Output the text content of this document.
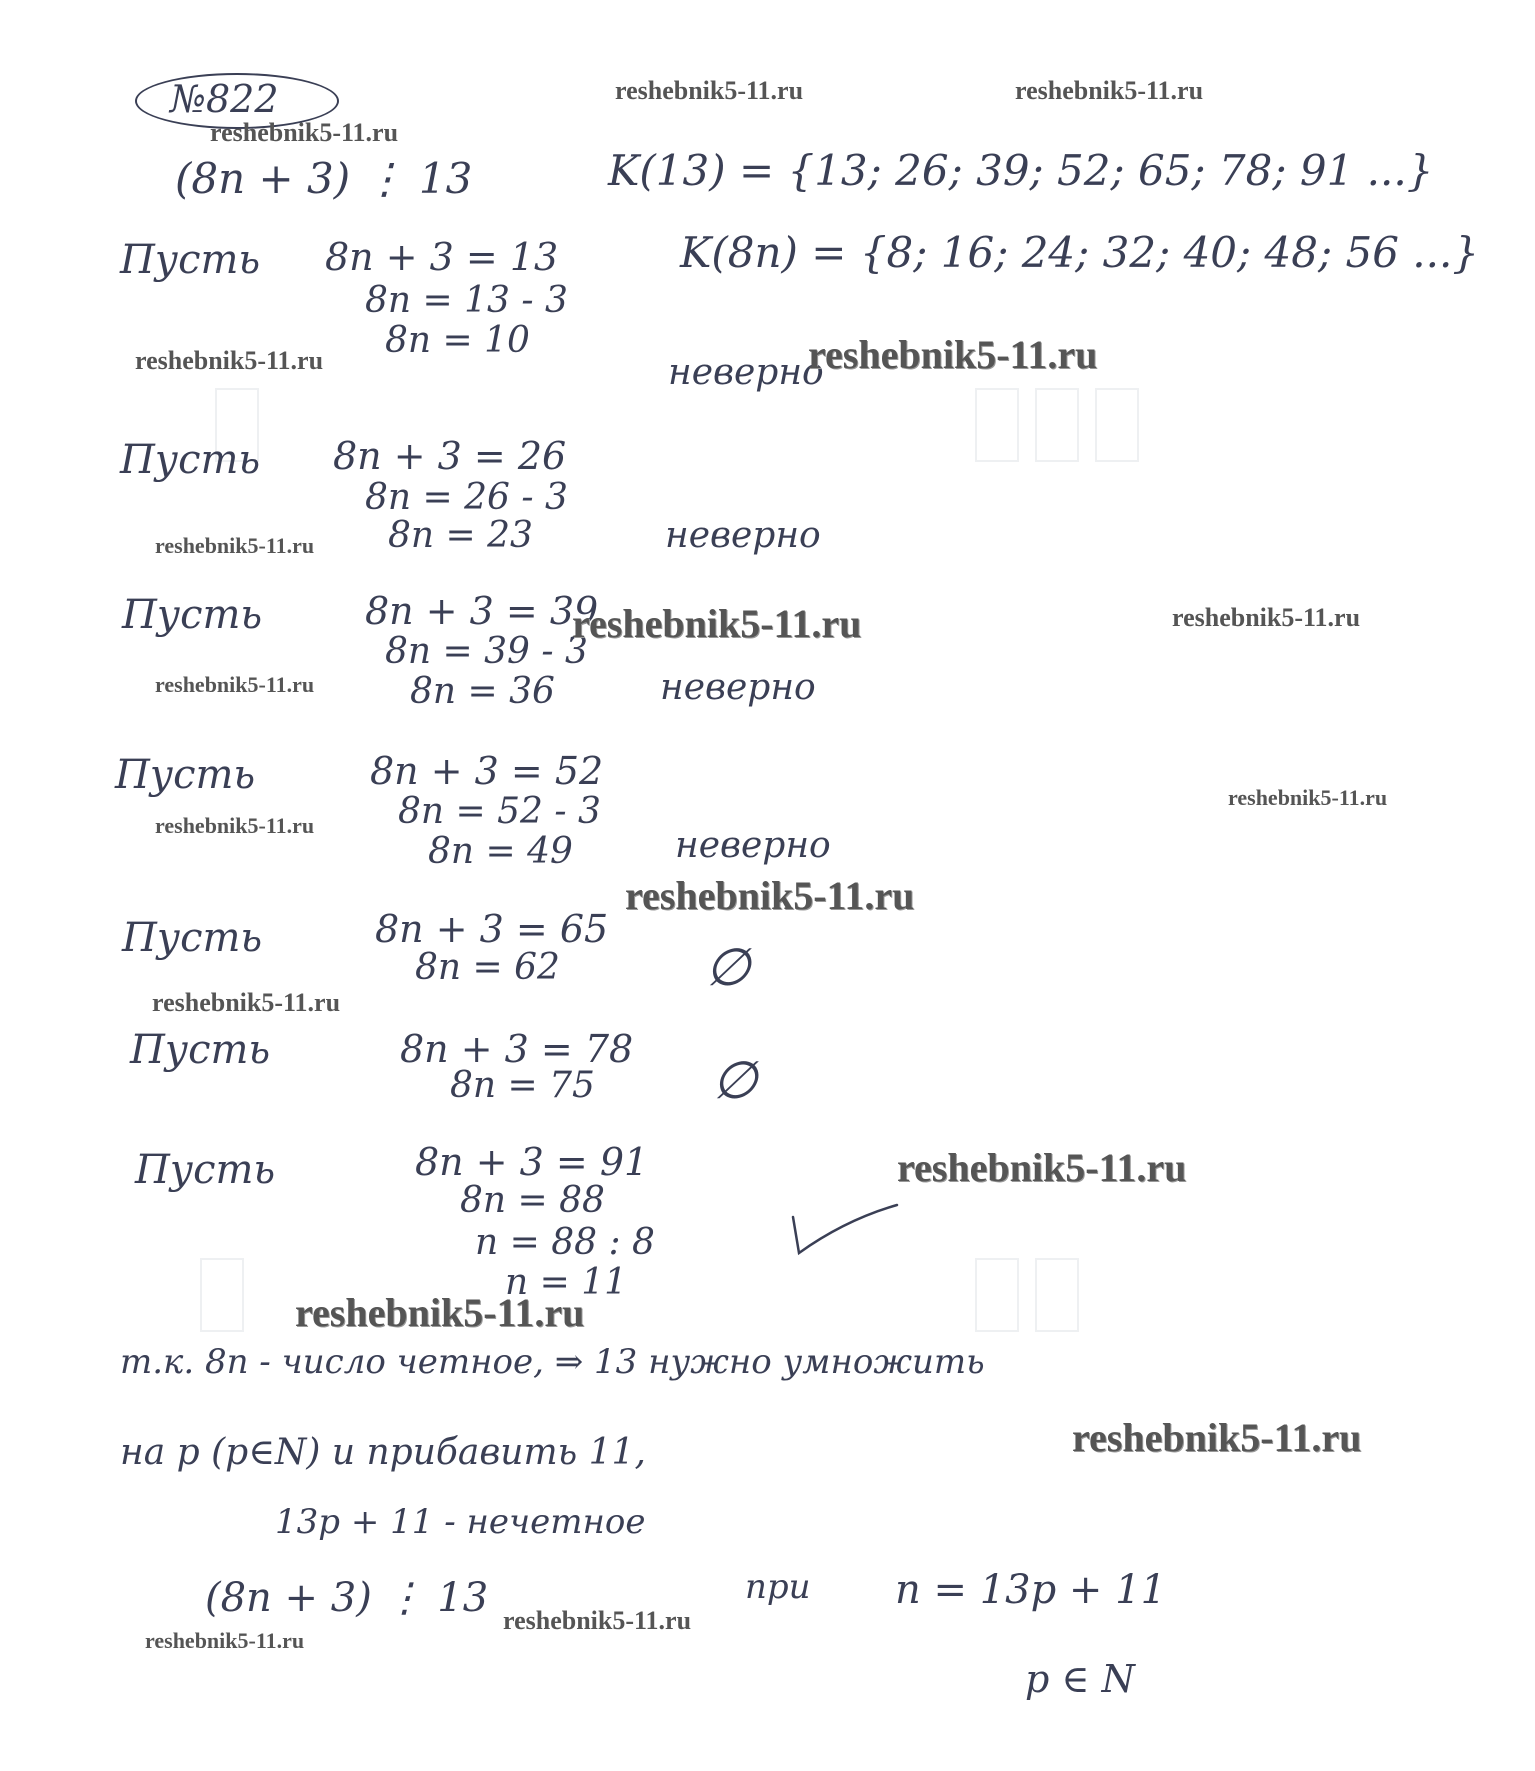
№822
(8n + 3) ⋮ 13	K(13) = {13; 26; 39; 52; 65; 78; 91 ...}
K(8n) = {8; 16; 24; 32; 40; 48; 56 ...}
Пусть 8n + 3 = 13
8n = 13 - 3
8n = 10
неверно
Пусть 8n + 3 = 26
8n = 26 - 3
8n = 23	неверно
Пусть	8n + 3 = 39
8n = 39 - 3
8n = 36	неверно
Пусть	8n + 3 = 52
8n = 52 - 3
8n = 49	неверно
Пусть	8n + 3 = 65
8n = 62	∅
Пусть	8n + 3 = 78
8n = 75 ∅
Пусть	8n + 3 = 91
8n = 88
n = 88 : 8
n = 11
т.к. 8n - число четное, ⇒ 13 нужно умножить
на p (p∈N) и прибавить 11,
13p + 11 - нечетное
(8n + 3) ⋮ 13	при n = 13p + 11
p ∈ N
reshebnik5-11.ru	reshebnik5-11.ru
reshebnik5-11.ru
reshebnik5-11.ru	reshebnik5-11.ru
reshebnik5-11.ru
reshebnik5-11.ru	reshebnik5-11.ru
reshebnik5-11.ru
reshebnik5-11.ru
reshebnik5-11.ru
reshebnik5-11.ru
reshebnik5-11.ru
reshebnik5-11.ru
reshebnik5-11.ru
reshebnik5-11.ru
reshebnik5-11.ru
reshebnik5-11.ru
